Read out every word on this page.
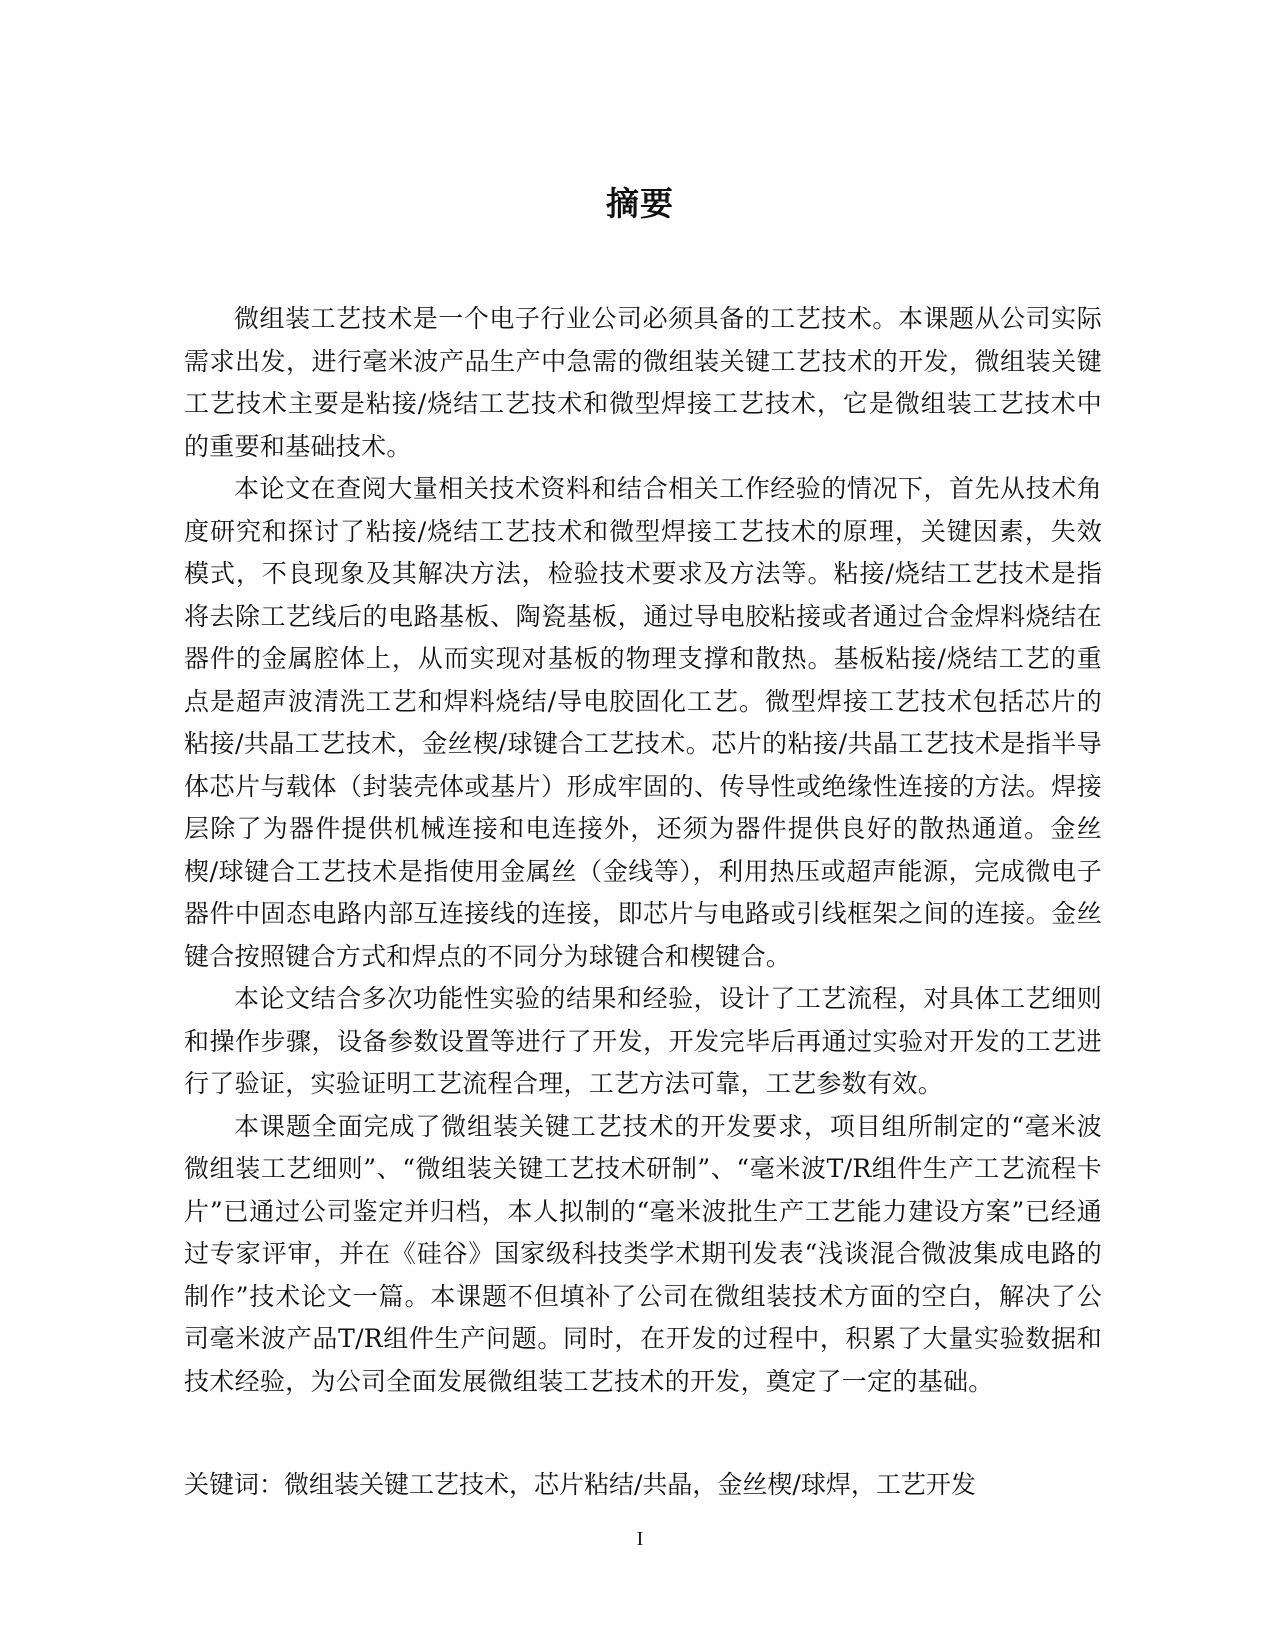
摘要

微组装工艺技术是一个电子行业公司必须具备的工艺技术。本课题从公司实际需求出发，进行毫米波产品生产中急需的微组装关键工艺技术的开发，微组装关键工艺技术主要是粘接/烧结工艺技术和微型焊接工艺技术，它是微组装工艺技术中的重要和基础技术。

本论文在查阅大量相关技术资料和结合相关工作经验的情况下，首先从技术角度研究和探讨了粘接/烧结工艺技术和微型焊接工艺技术的原理，关键因素，失效模式，不良现象及其解决方法，检验技术要求及方法等。粘接/烧结工艺技术是指将去除工艺线后的电路基板、陶瓷基板，通过导电胶粘接或者通过合金焊料烧结在器件的金属腔体上，从而实现对基板的物理支撑和散热。基板粘接/烧结工艺的重点是超声波清洗工艺和焊料烧结/导电胶固化工艺。微型焊接工艺技术包括芯片的粘接/共晶工艺技术，金丝楔/球键合工艺技术。芯片的粘接/共晶工艺技术是指半导体芯片与载体（封装壳体或基片）形成牢固的、传导性或绝缘性连接的方法。焊接层除了为器件提供机械连接和电连接外，还须为器件提供良好的散热通道。金丝楔/球键合工艺技术是指使用金属丝（金线等），利用热压或超声能源，完成微电子器件中固态电路内部互连接线的连接，即芯片与电路或引线框架之间的连接。金丝键合按照键合方式和焊点的不同分为球键合和楔键合。

本论文结合多次功能性实验的结果和经验，设计了工艺流程，对具体工艺细则和操作步骤，设备参数设置等进行了开发，开发完毕后再通过实验对开发的工艺进行了验证，实验证明工艺流程合理，工艺方法可靠，工艺参数有效。

本课题全面完成了微组装关键工艺技术的开发要求，项目组所制定的“毫米波微组装工艺细则”、“微组装关键工艺技术研制”、“毫米波T/R组件生产工艺流程卡片”已通过公司鉴定并归档，本人拟制的“毫米波批生产工艺能力建设方案”已经通过专家评审，并在《硅谷》国家级科技类学术期刊发表“浅谈混合微波集成电路的制作”技术论文一篇。本课题不但填补了公司在微组装技术方面的空白，解决了公司毫米波产品T/R组件生产问题。同时，在开发的过程中，积累了大量实验数据和技术经验，为公司全面发展微组装工艺技术的开发，奠定了一定的基础。

关键词：微组装关键工艺技术，芯片粘结/共晶，金丝楔/球焊，工艺开发

I
